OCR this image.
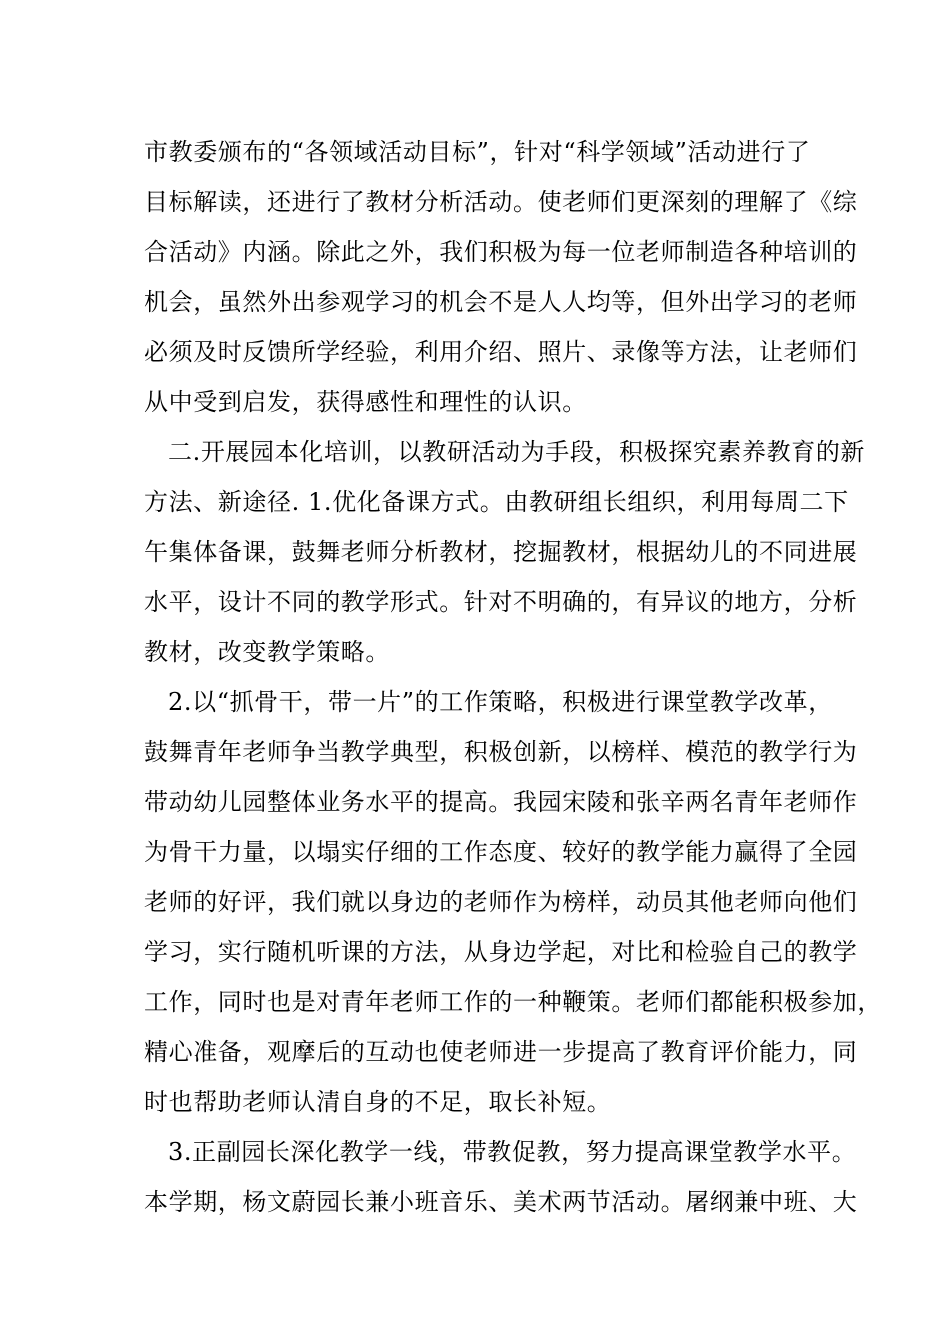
市教委颁布的“各领域活动目标”，针对“科学领域”活动进行了
目标解读，还进行了教材分析活动。使老师们更深刻的理解了《综
合活动》内涵。除此之外，我们积极为每一位老师制造各种培训的
机会，虽然外出参观学习的机会不是人人均等，但外出学习的老师
必须及时反馈所学经验，利用介绍、照片、录像等方法，让老师们
从中受到启发，获得感性和理性的认识。
二.开展园本化培训，以教研活动为手段，积极探究素养教育的新
方法、新途径. 1.优化备课方式。由教研组长组织，利用每周二下
午集体备课，鼓舞老师分析教材，挖掘教材，根据幼儿的不同进展
水平，设计不同的教学形式。针对不明确的，有异议的地方，分析
教材，改变教学策略。
2.以“抓骨干，带一片”的工作策略，积极进行课堂教学改革，
鼓舞青年老师争当教学典型，积极创新，以榜样、模范的教学行为
带动幼儿园整体业务水平的提高。我园宋陵和张辛两名青年老师作
为骨干力量，以塌实仔细的工作态度、较好的教学能力赢得了全园
老师的好评，我们就以身边的老师作为榜样，动员其他老师向他们
学习，实行随机听课的方法，从身边学起，对比和检验自己的教学
工作，同时也是对青年老师工作的一种鞭策。老师们都能积极参加，
精心准备，观摩后的互动也使老师进一步提高了教育评价能力，同
时也帮助老师认清自身的不足，取长补短。
3.正副园长深化教学一线，带教促教，努力提高课堂教学水平。
本学期，杨文蔚园长兼小班音乐、美术两节活动。屠纲兼中班、大
